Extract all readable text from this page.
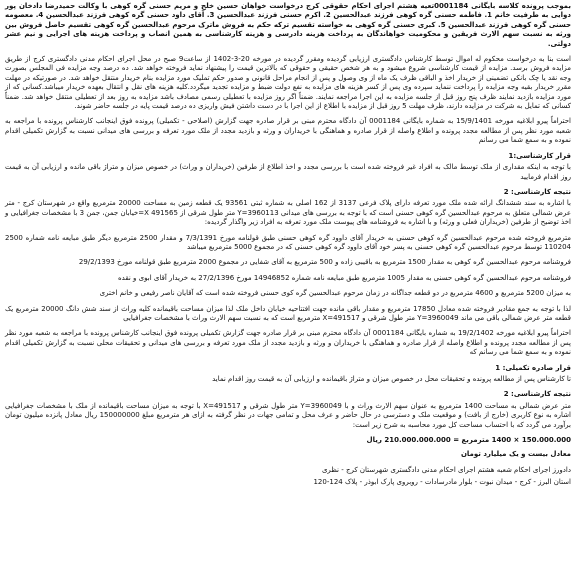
بموجب پرونده کلاسه بایگانی 0001184تعیه هشتم اجرای احکام حقوقی کرج درخواست خواهان حسین خلج و مریم حسنی گره کوهی با وکالت حمیدرضا دادخان پور دوایی به طرفیت خانم 1. فاطمه حسنی گره کوهی فرزند عبدالحسین 2. اکرم حسنی فرزند عبدالحسین 3. آقای داود حسنی گره کوهی فرزند عبدالحسین 4. معصومه حسنی گره کوهی فرزند عبدالحسین 5. کبری حسنی گره کوهی به خواسته تقسیم ترکه حکم به فروش ماترک مرحوم عبدالحسین گره کوهی تقسیم حاصل فروش بین ورثه به نسبت سهم الارث فریقین و محکومیت خواهاندگان به پرداخت هزینه دادرسی و هزینه کارشناسی به همین انصاب و پرداخت هزینه های اجرایی و نیم عشر دولتی.

است بنا به درخواست محکوم له اموال توسط کارشناس دادگستری ارزیابی گردیده ومقرر گردیده در مورخه 20-3-1402 از ساعت9 صبح در محل اجرای احکام مدنی دادگستری کرج از طریق مزایده فروش برسد. مزایده از قیمت کارشناسی شروع میشود و به هر شخص حقیقی و حقوقی که بالاترین قیمت را پیشنهاد نماید فروخته خواهد شد. ده درصد وجه مزایده فی المجلس بصورت وجه نقد یا چک بانکی تضمینی از خریدار اخذ و الباقی ظرف یک ماه از وی وصول و پس از انجام مراحل قانونی و صدور حکم تملیک مورد مزایده بنام خریدار منتقل خواهد شد. در صورتیکه در مهلت مقرر خریدار بقیه وجه مزایده را پرداخت ننماید سپرده وی پس از کسر هزینه های مزایده به نفع دولت ضبط و مزایده تجدید میگردد.کلیه هزینه های نقل و انتقال بعهده خریدار میباشد.کسانی که از مورد مزایده بازدید نمایند ظرف پنج روز قبل از جلسه مزایده به این اجرا مراجعه نمایند. ضمناً اگر روز مزایده با تعطیلی رسمی مصادف باشد مزایده به روز بعد از تعطیلی منتقل خواهد شد. ضمناً کسانی که تمایل به شرکت در مزایده دارند، ظرف مهلت 5 روز قبل از مزایده با اطلاع از این اجرا با در دست داشتن فیش واریزی ده درصد قیمت پایه در جلسه حاضر شوند.

احتراماً پیرو ابلاغیه مورخه 15/9/1401 به شماره بایگانی 0001184 آن دادگاه محترم مبنی بر قرار صادره جهت گزارش (اصلاحی - تکمیلی) پرونده فوق اینجانب کارشناس پرونده با مراجعه به شعبه مورد نظر پس از مطالعه مجدد پرونده و اطلاع واصله از قرار صادره و هماهنگی با خریداران و ورثه و بازدید مجدد از ملک مورد تعرفه و بررسی های میدانی نسبت به گزارش تکمیلی اقدام نموده و به سمع شما می رسانم

قرار کارشناسی:1

با توجه به اینکه مقداری از ملک توسط مالک به افراد غیر فروخته شده است با بررسی مجدد و اخذ اطلاع از طرفین (خریداران و وراث) در خصوص میزان و متراژ باقی مانده و ارزیابی آن به قیمت روز اقدام فرمایید

نتیجه کارشناسی: 2

با اشاره به سند ششدانگ ارائه شده ملک مورد تعرفه دارای پلاک فرعی 3137 از 162 اصلی به شماره ثبتی 93561 یک قطعه زمین به مساحت 20000 مترمربع واقع در شهرستان کرج - متر عرض شمالی متعلق به مرحوم عبدالحسین گره کوهی حسنی است که با توجه به بررسی های میدانی Y=3960113 متر طول شرقی از 491565 X=خیابان جمن، جمن 3 با مشخصات جغرافیایی و اخذ توضیح از طرفین (خریداران فعلی و ورثه) و با اشاره به فروشنامه های پیوست ملک مورد تعرفه به افراد زیر واگذار گردیده:

مترمربع فروخته شده مرحوم عبدالحسین گره کوهی حسنی به خریدار آقای داوود گره کوهی حسنی طبق قولنامه مورخ 7/3/1391 و مقدار 2500 مترمربع دیگر طبق مبایعه نامه شماره 2500 110204 توسط مرحوم عبدالحسین گره کوهی حسنی به پسر خود آقای داوود گره کوهی حسنی که در مجموع 5000 مترمربع میباشد

فروشنامه مرحوم عبدالحسین گره کوهی به مقدار 1500 مترمربع به باقیبی زاده و 500 مترمربع به آقای شفایی در مجموع 2000 مترمربع طبق قولنامه مورخ 29/2/1393

فروشنامه مرحوم عبدالحسین گره کوهی حسنی به مقدار 1005 مترمربع طبق مبایعه نامه شماره 14946852 مورخ 27/2/1396 به خریدار آقای ابوی و نقده

به میزان 5200 مترمربع و 4600 مترمربع در دو قطعه جداگانه در زمان مرحوم عبدالحسین گره کوی حسنی فروخته شده است که آقایان ناصر رفیعی و خانم اختری

لذا با توجه به جمع مقادیر فروخته شده معادل 17850 مترمربع و مقدار باقی مانده جهت افتتاحیه خیابان داخل ملک لذا میزان مساحت باقیمانده کلیه وراث از سند شش دانگ 20000 مترمربع یک قطعه متر عرض شمالی باقی می ماند Y=3960049 متر طول شرقی و X=491517 مترمربع است که به نسبت سهم الارث وراث با مشخصات جغرافیایی

احتراماً پیرو ابلاغیه مورخه 19/2/1402 به شماره بایگانی 0001184 آن دادگاه محترم مبنی بر قرار صادره جهت گزارش تکمیلی پرونده فوق اینجانب کارشناس پرونده با مراجعه به شعبه مورد نظر پس از مطالعه مجدد پرونده و اطلاع واصله از قرار صادره و هماهنگی با خریداران و ورثه و بازدید مجدد از ملک مورد تعرفه و بررسی های میدانی و تحقیقات محلی نسبت به گزارش تکمیلی اقدام نموده و به سمع شما می رسانم که

قرار صادره تکمیلی: 1

تا کارشناس پس از مطالعه پرونده و تحقیقات محل در خصوص میزان و متراژ باقیمانده و ارزیابی آن به قیمت روز اقدام نماید

نتیجه کارشناسی: 2

متر عرض شمالی به مساحت 1400 مترمربع به عنوان سهم الارث وراث و با Y=3960049 متر طول شرقی و X=491517 با توجه به میزان مساحت باقیمانده از ملک با مشخصات جغرافیایی اشاره به نوع کاربری (خارج از بافت) و موقعیت ملک و دسترسی در حال حاضر و عرف محل و تمامی جهات در نظر گرفته به ازای هر مترمربع مبلغ 150000000 ریال معادل پانزده میلیون تومان برآورد می گردد که با احتساب مساحت کل مورد محاسبه به شرح زیر است:

150.000.000 × 1400 مترمربع = 210.000.000.000 ریال

معادل بیست و یک میلیارد تومان

دادورز اجرای احکام شعبه هشتم اجرای احکام مدنی دادگستری شهرستان کرج - نظری

استان البرز - کرج - میدان نبوت - بلوار مادرسادات - روبروی پارک ابوذر - پلاک 124-120
